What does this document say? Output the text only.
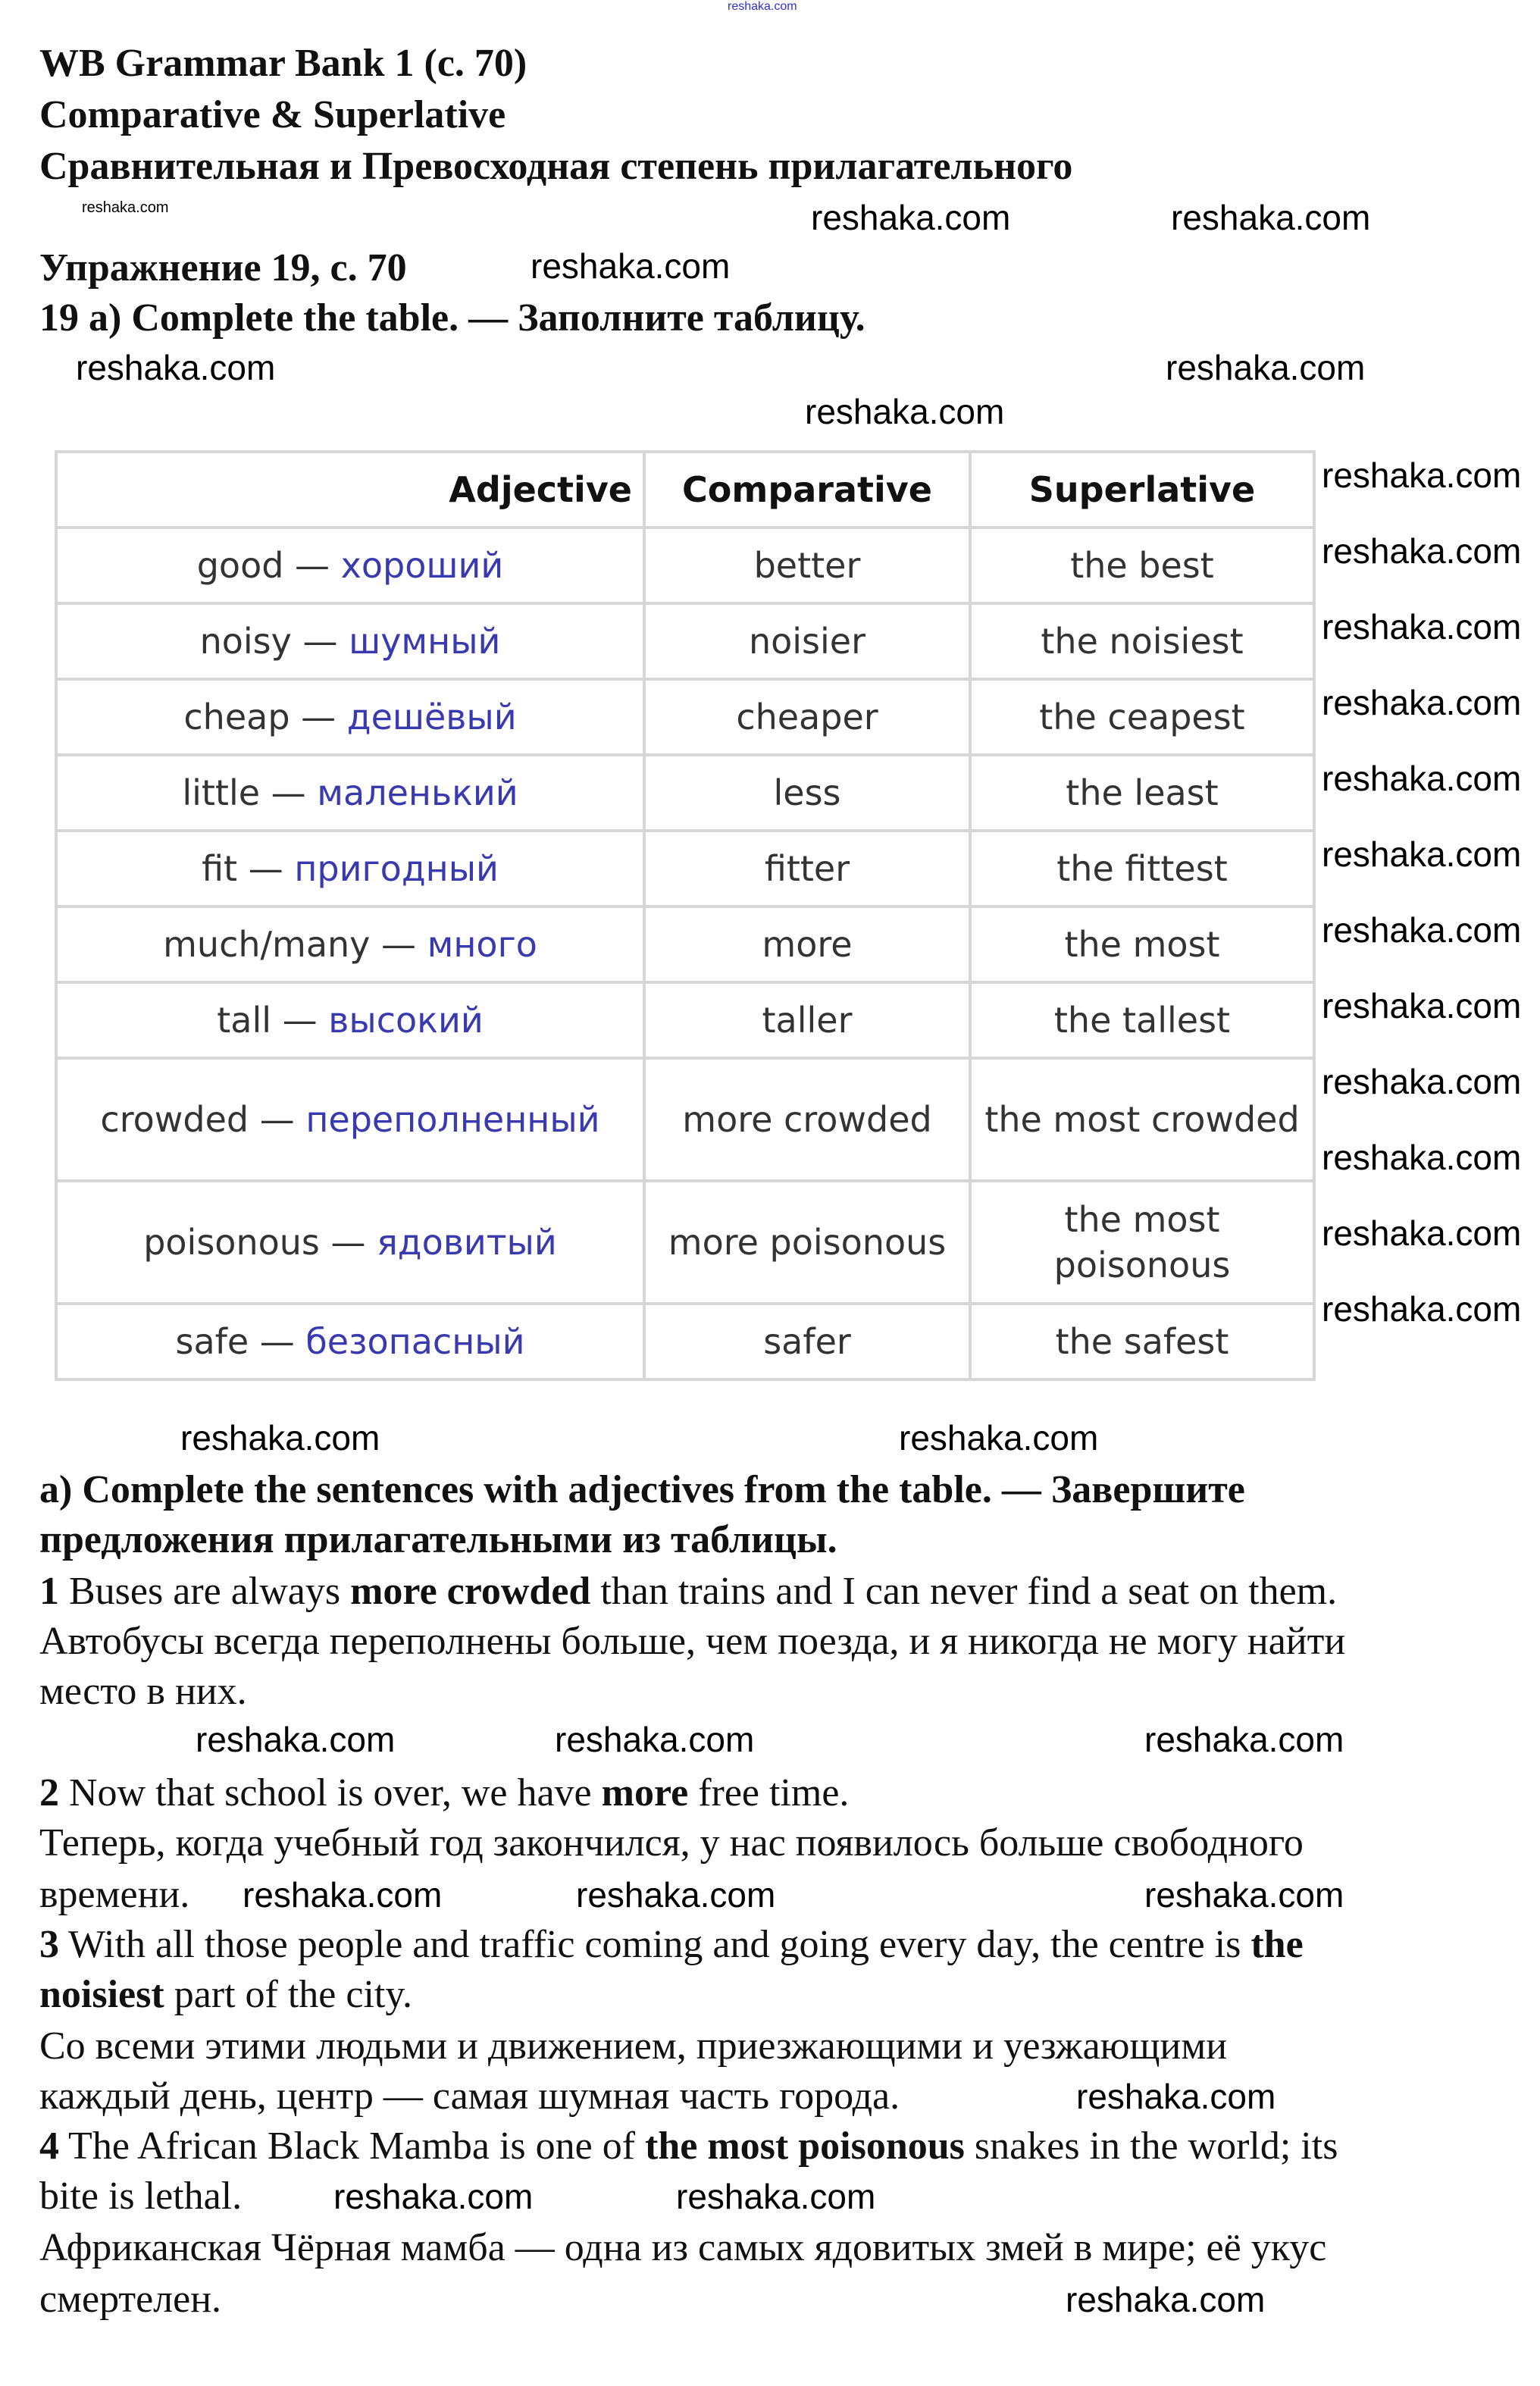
reshaka.com
WB Grammar Bank 1 (с. 70)
Comparative & Superlative
Сравнительная и Превосходная степень прилагательного
Упражнение 19, с. 70
19 a) Complete the table. — Заполните таблицу.
Adjective	Comparative	Superlative
good — хороший	better	the best
noisy — шумный	noisier	the noisiest
cheap — дешёвый	cheaper	the ceapest
little — маленький	less	the least
fit — пригодный	fitter	the fittest
much/many — много	more	the most
tall — высокий	taller	the tallest
crowded — переполненный	more crowded	the most crowded
poisonous — ядовитый	more poisonous	the most poisonous
safe — безопасный	safer	the safest
a) Complete the sentences with adjectives from the table. — Завершите
предложения прилагательными из таблицы.
1 Buses are always more crowded than trains and I can never find a seat on them.
Автобусы всегда переполнены больше, чем поезда, и я никогда не могу найти
место в них.
2 Now that school is over, we have more free time.
Теперь, когда учебный год закончился, у нас появилось больше свободного
времени.
3 With all those people and traffic coming and going every day, the centre is the
noisiest part of the city.
Со всеми этими людьми и движением, приезжающими и уезжающими
каждый день, центр — самая шумная часть города.
4 The African Black Mamba is one of the most poisonous snakes in the world; its
bite is lethal.
Африканская Чёрная мамба — одна из самых ядовитых змей в мире; её укус
смертелен.
reshaka.com	reshaka.com	reshaka.com
reshaka.com
reshaka.com	reshaka.com
reshaka.com
reshaka.com
reshaka.com
reshaka.com
reshaka.com
reshaka.com
reshaka.com
reshaka.com
reshaka.com
reshaka.com
reshaka.com
reshaka.com
reshaka.com
reshaka.com	reshaka.com
reshaka.com	reshaka.com	reshaka.com
reshaka.com	reshaka.com	reshaka.com
reshaka.com
reshaka.com	reshaka.com
reshaka.com
